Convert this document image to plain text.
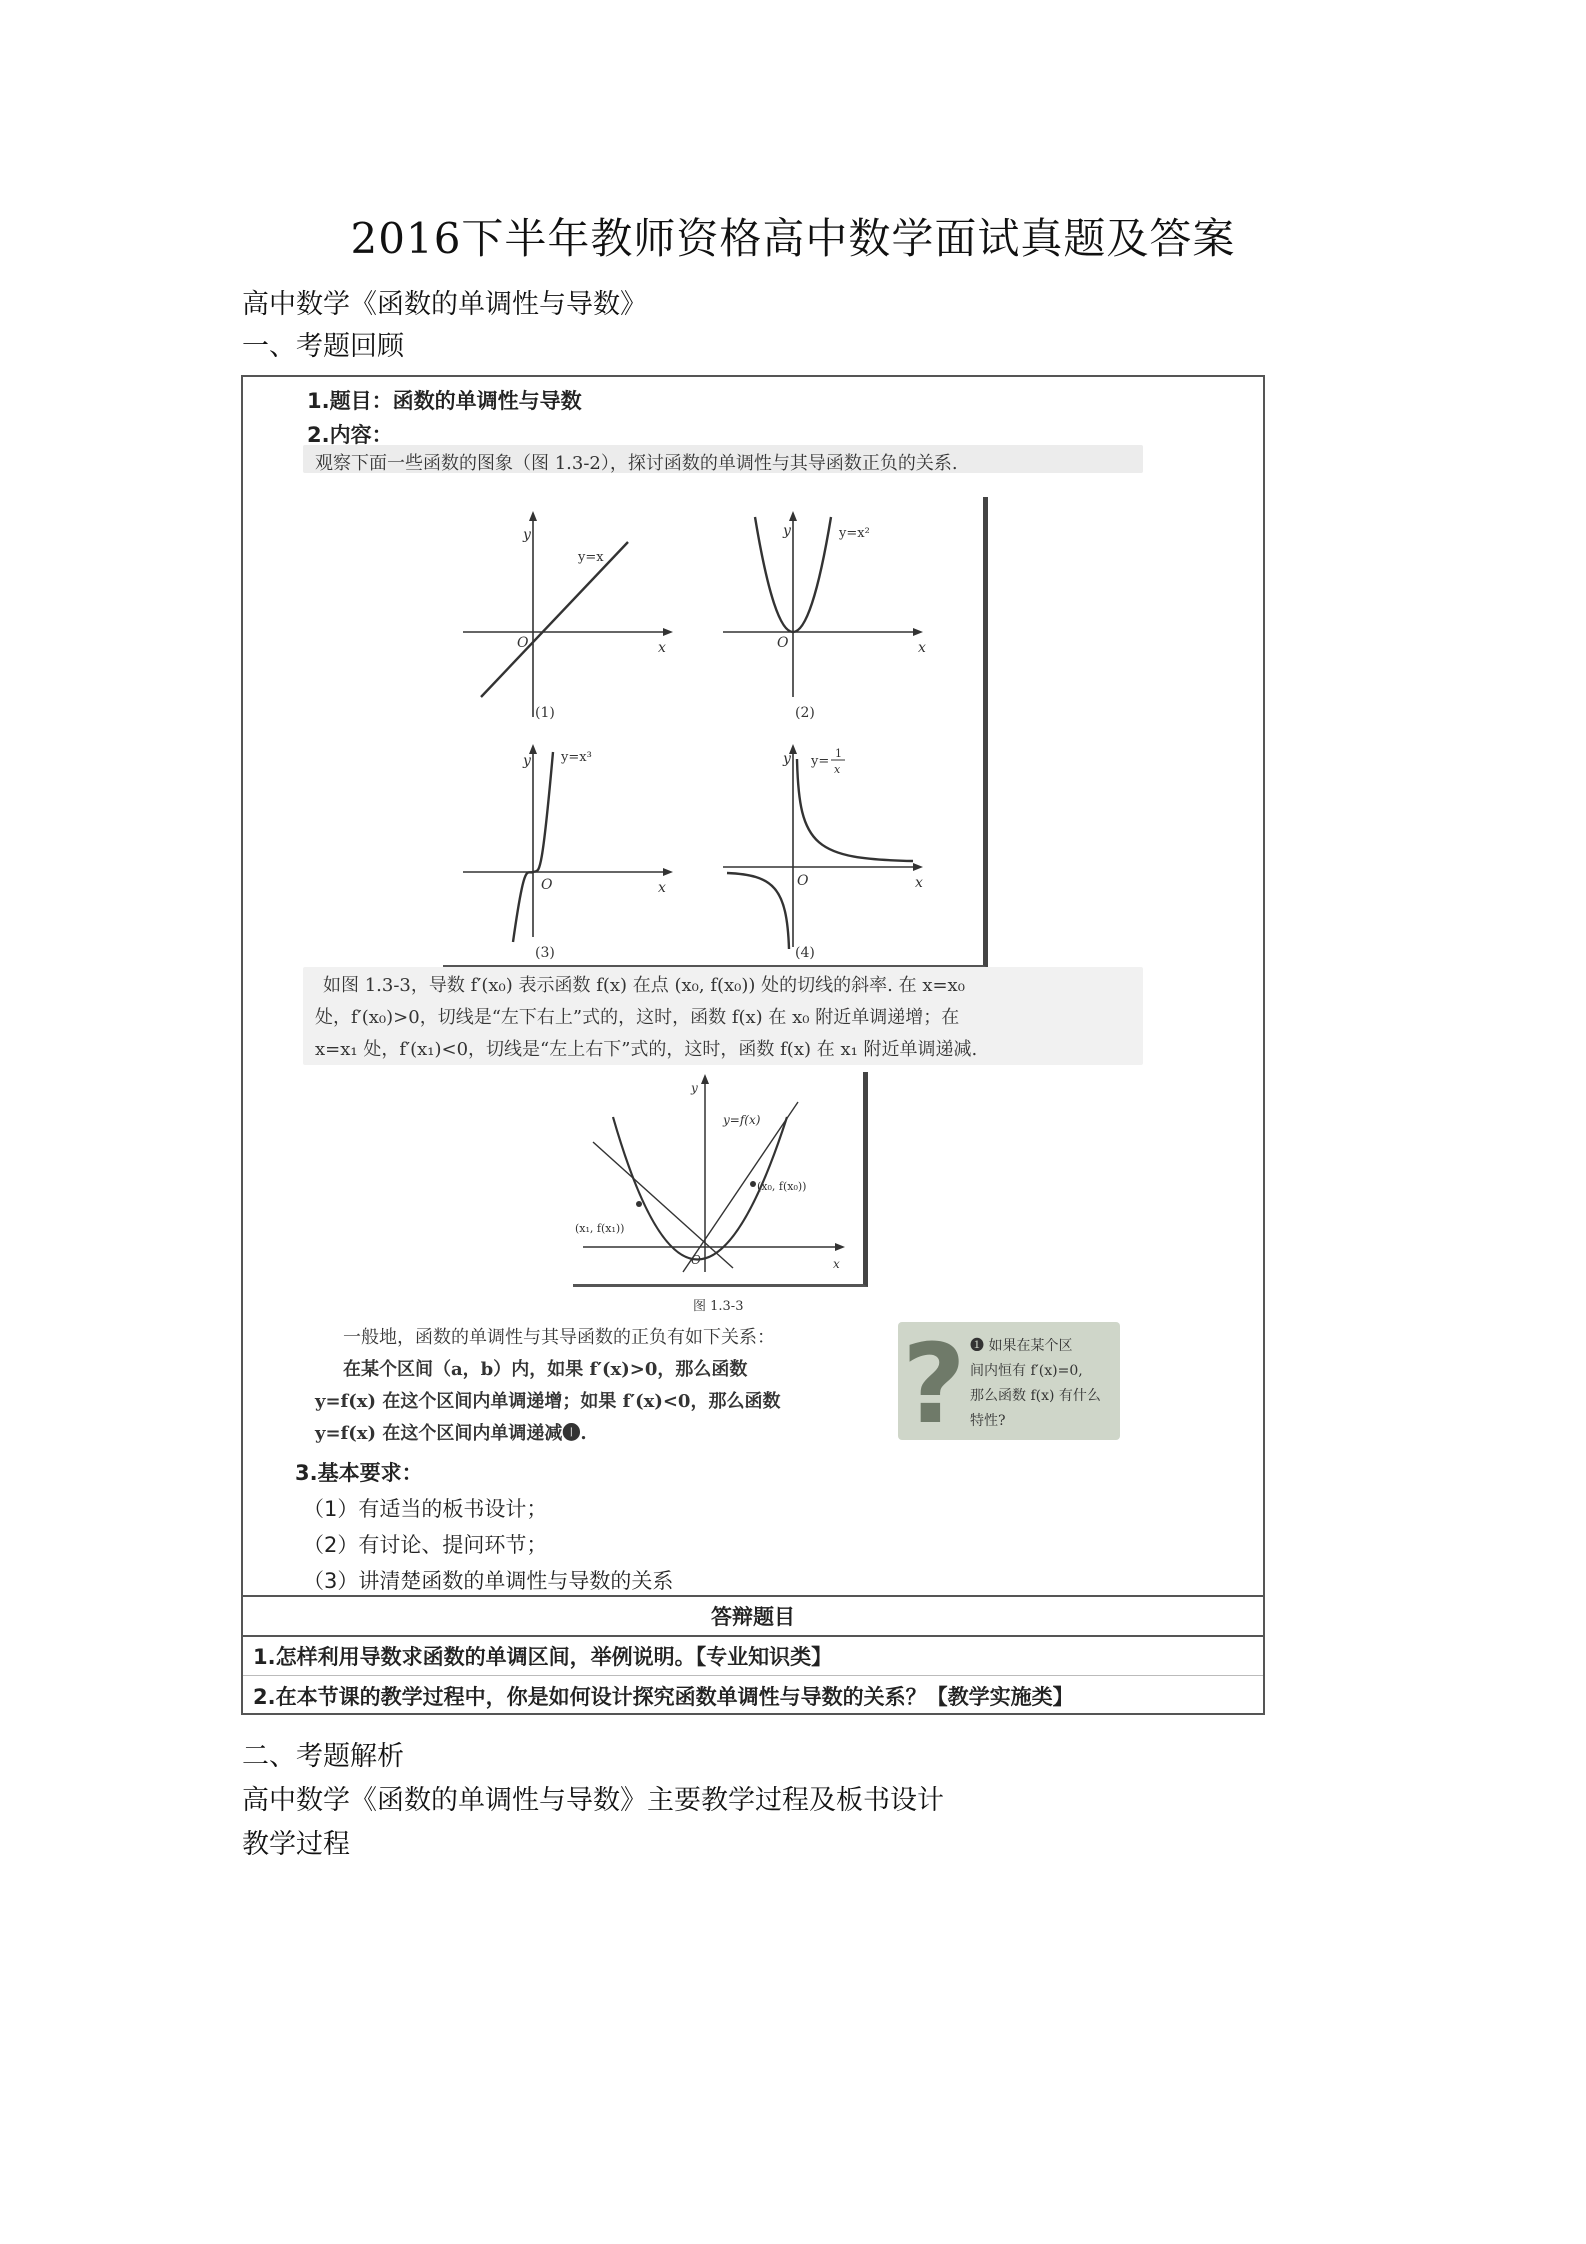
2016下半年教师资格高中数学面试真题及答案
高中数学《函数的单调性与导数》
一、考题回顾
1.题目：函数的单调性与导数
2.内容：
观察下面一些函数的图象（图 1.3-2），探讨函数的单调性与其导函数正负的关系.
y=x
y
x
O
(1)
y=x²
y
x
O
(2)
y=x³
y
x
O
(3)
y=
1
x
y
x
O
(4)
如图 1.3-3，导数 f′(x₀) 表示函数 f(x) 在点 (x₀, f(x₀)) 处的切线的斜率. 在 x=x₀
处，f′(x₀)>0，切线是“左下右上”式的，这时，函数 f(x) 在 x₀ 附近单调递增；在
x=x₁ 处，f′(x₁)<0，切线是“左上右下”式的，这时，函数 f(x) 在 x₁ 附近单调递减.
y=f(x)
(x₀, f(x₀))
(x₁, f(x₁))
y
x
O
图 1.3-3
一般地，函数的单调性与其导函数的正负有如下关系：
在某个区间（a，b）内，如果 f′(x)>0，那么函数
y=f(x) 在这个区间内单调递增；如果 f′(x)<0，那么函数
y=f(x) 在这个区间内单调递减❶.	? ❶ 如果在某个区
间内恒有 f′(x)=0,
那么函数 f(x) 有什么
特性?
3.基本要求：
（1）有适当的板书设计；
（2）有讨论、提问环节；
（3）讲清楚函数的单调性与导数的关系
答辩题目
1.怎样利用导数求函数的单调区间，举例说明。【专业知识类】
2.在本节课的教学过程中，你是如何设计探究函数单调性与导数的关系？【教学实施类】
二、考题解析
高中数学《函数的单调性与导数》主要教学过程及板书设计
教学过程
